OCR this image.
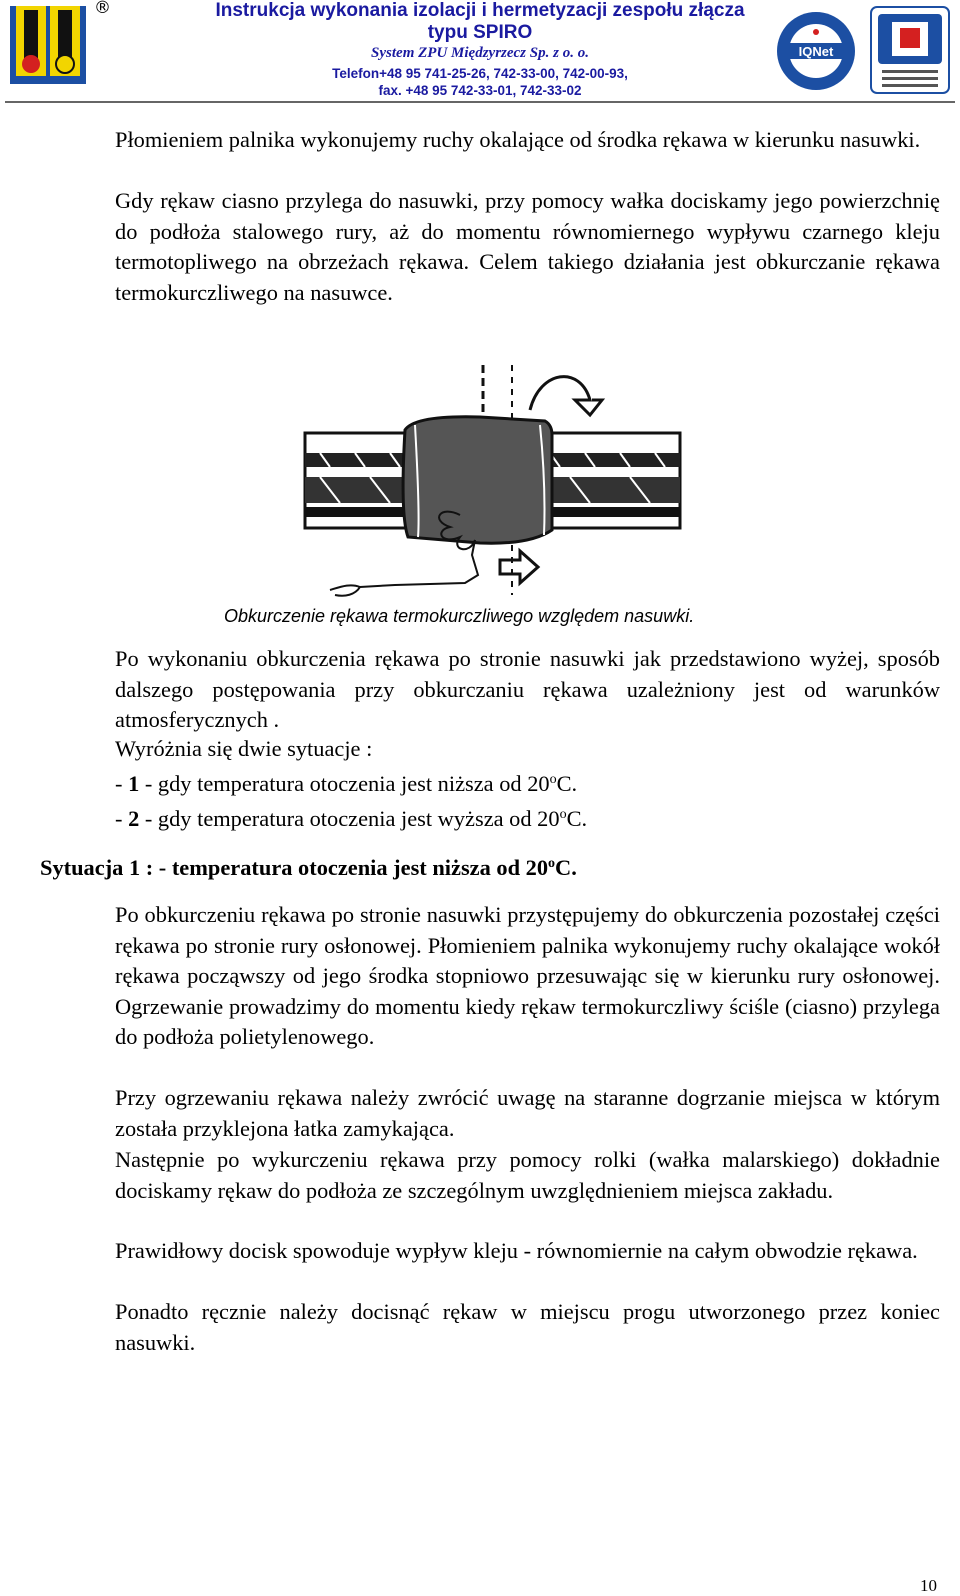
®	Instrukcja wykonania izolacji i hermetyzacji zespołu złącza
typu SPIRO
System ZPU Międzyrzecz Sp. z o. o.
Telefon+48 95 741-25-26, 742-33-00, 742-00-93,
fax. +48 95 742-33-01, 742-33-02
IQNet

Płomieniem palnika wykonujemy ruchy okalające od środka rękawa w kierunku nasuwki.

Gdy rękaw ciasno przylega do nasuwki, przy pomocy wałka dociskamy jego powierzchnię do podłoża stalowego rury, aż do momentu równomiernego wypływu czarnego kleju termotopliwego na obrzeżach rękawa. Celem takiego działania jest obkurczanie rękawa termokurczliwego na nasuwce.

Obkurczenie rękawa termokurczliwego względem nasuwki.

Po wykonaniu obkurczenia rękawa po stronie nasuwki jak przedstawiono wyżej, sposób dalszego postępowania przy obkurczaniu rękawa uzależniony jest od warunków atmosferycznych .

Wyróżnia się dwie sytuacje :
- 1 - gdy temperatura otoczenia jest niższa od 20$^o$C.
- 2 - gdy temperatura otoczenia jest wyższa od 20$^o$C.
Sytuacja 1 : - temperatura otoczenia jest niższa od 20$^o$C.

Po obkurczeniu rękawa po stronie nasuwki przystępujemy do obkurczenia pozostałej części rękawa po stronie rury osłonowej. Płomieniem palnika wykonujemy ruchy okalające wokół rękawa począwszy od jego środka stopniowo przesuwając się w kierunku rury osłonowej. Ogrzewanie prowadzimy do momentu kiedy rękaw termokurczliwy ściśle (ciasno) przylega do podłoża polietylenowego.

Przy ogrzewaniu rękawa należy zwrócić uwagę na staranne dogrzanie miejsca w którym została przyklejona łatka zamykająca.

Następnie po wykurczeniu rękawa przy pomocy rolki (wałka malarskiego) dokładnie dociskamy rękaw do podłoża ze szczególnym uwzględnieniem miejsca zakładu.

Prawidłowy docisk spowoduje wypływ kleju - równomiernie na całym obwodzie rękawa.

Ponadto ręcznie należy docisnąć rękaw w miejscu progu utworzonego przez koniec nasuwki.

10
